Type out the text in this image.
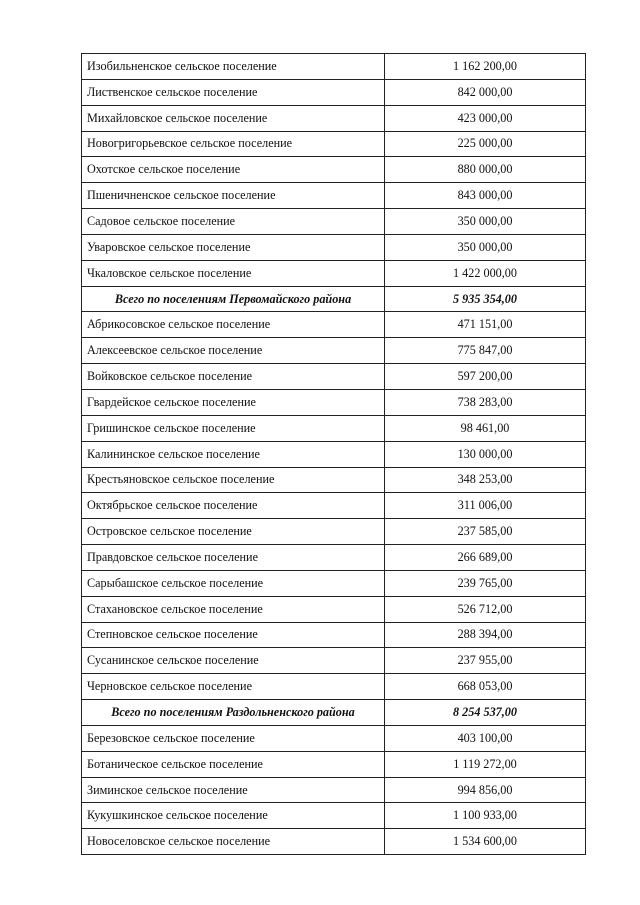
Изобильненское сельское поселение	1 162 200,00
Лиственское сельское поселение	842 000,00
Михайловское сельское поселение	423 000,00
Новогригорьевское сельское поселение	225 000,00
Охотское сельское поселение	880 000,00
Пшеничненское сельское поселение	843 000,00
Садовое сельское поселение	350 000,00
Уваровское сельское поселение	350 000,00
Чкаловское сельское поселение	1 422 000,00
Всего по поселениям Первомайского района	5 935 354,00
Абрикосовское сельское поселение	471 151,00
Алексеевское сельское поселение	775 847,00
Войковское сельское поселение	597 200,00
Гвардейское сельское поселение	738 283,00
Гришинское сельское поселение	98 461,00
Калининское сельское поселение	130 000,00
Крестьяновское сельское поселение	348 253,00
Октябрьское сельское поселение	311 006,00
Островское сельское поселение	237 585,00
Правдовское сельское поселение	266 689,00
Сарыбашское сельское поселение	239 765,00
Стахановское сельское поселение	526 712,00
Степновское сельское поселение	288 394,00
Сусанинское сельское поселение	237 955,00
Черновское сельское поселение	668 053,00
Всего по поселениям Раздольненского района	8 254 537,00
Березовское сельское поселение	403 100,00
Ботаническое сельское поселение	1 119 272,00
Зиминское сельское поселение	994 856,00
Кукушкинское сельское поселение	1 100 933,00
Новоселовское сельское поселение	1 534 600,00
